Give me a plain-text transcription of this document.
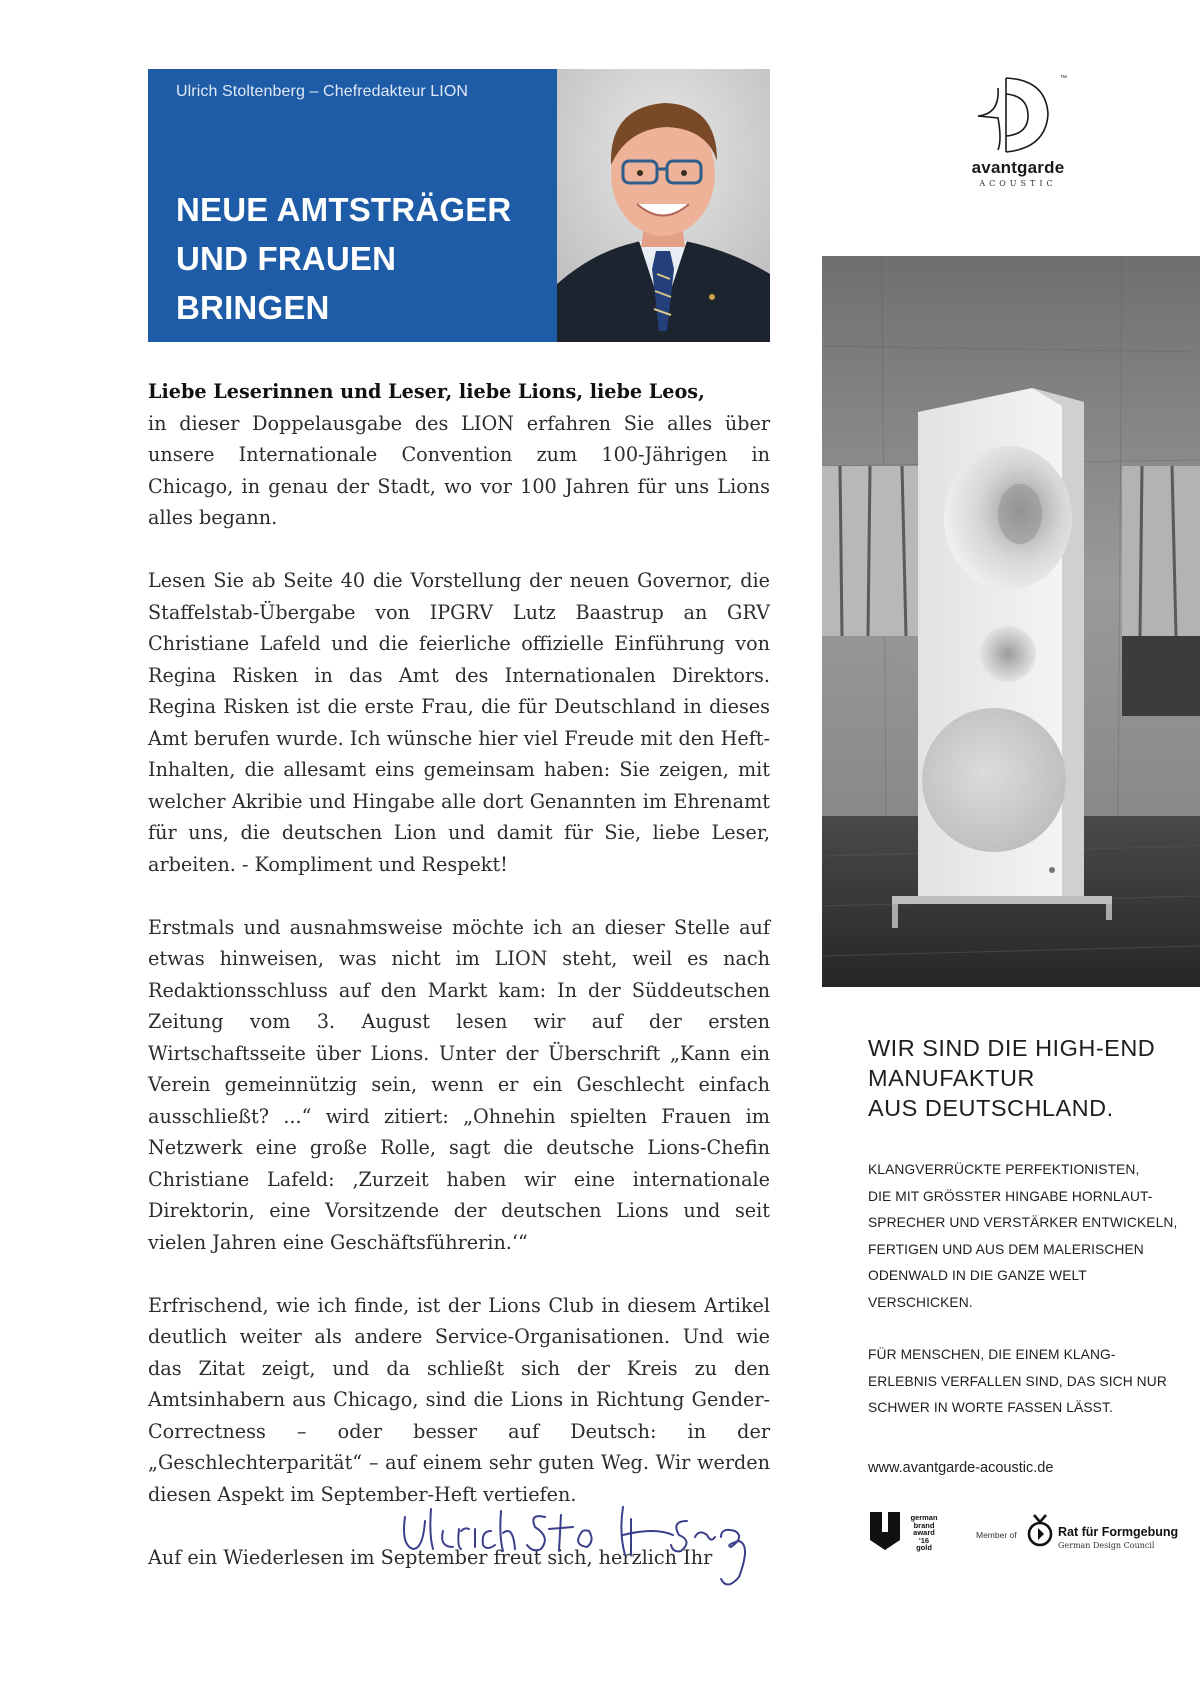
Ulrich Stoltenberg – Chefredakteur LION
NEUE AMTSTRÄGER
UND FRAUEN BRINGEN
LIONS IN SCHWUNG

Liebe Leserinnen und Leser, liebe Lions, liebe Leos,
in dieser Doppelausgabe des LION erfahren Sie alles über unsere Internationale Convention zum 100-Jährigen in Chicago, in genau der Stadt, wo vor 100 Jahren für uns Lions alles begann.

Lesen Sie ab Seite 40 die Vorstellung der neuen Governor, die Staffelstab-Übergabe von IPGRV Lutz Baastrup an GRV Christiane Lafeld und die feierliche offizielle Einführung von Regina Risken in das Amt des Internationalen Direktors. Regina Risken ist die erste Frau, die für Deutschland in dieses Amt berufen wurde. Ich wünsche hier viel Freude mit den Heft-Inhalten, die allesamt eins gemeinsam haben: Sie zeigen, mit welcher Akribie und Hingabe alle dort Genannten im Ehrenamt für uns, die deutschen Lion und damit für Sie, liebe Leser, arbeiten. - Kompliment und Respekt!

Erstmals und ausnahmsweise möchte ich an dieser Stelle auf etwas hinweisen, was nicht im LION steht, weil es nach Redaktionsschluss auf den Markt kam: In der Süddeutschen Zeitung vom 3. August lesen wir auf der ersten Wirtschaftsseite über Lions. Unter der Überschrift „Kann ein Verein gemeinnützig sein, wenn er ein Geschlecht einfach ausschließt? ...“ wird zitiert: „Ohnehin spielten Frauen im Netzwerk eine große Rolle, sagt die deutsche Lions-Chefin Christiane Lafeld: ‚Zurzeit haben wir eine internationale Direktorin, eine Vorsitzende der deutschen Lions und seit vielen Jahren eine Geschäftsführerin.‘“

Erfrischend, wie ich finde, ist der Lions Club in diesem Artikel deutlich weiter als andere Service-Organisationen. Und wie das Zitat zeigt, und da schließt sich der Kreis zu den Amtsinhabern aus Chicago, sind die Lions in Richtung Gender-Correctness – oder besser auf Deutsch: in der „Geschlechterparität“ – auf einem sehr guten Weg. Wir werden diesen Aspekt im September-Heft vertiefen.

Auf ein Wiederlesen im September freut sich, herzlich Ihr

™
avantgarde
ACOUSTIC
WIR SIND DIE HIGH-END
MANUFAKTUR
AUS DEUTSCHLAND.

KLANGVERRÜCKTE PERFEKTIONISTEN,
DIE MIT GRÖSSTER HINGABE HORNLAUT-
SPRECHER UND VERSTÄRKER ENTWICKELN,
FERTIGEN UND AUS DEM MALERISCHEN
ODENWALD IN DIE GANZE WELT
VERSCHICKEN.

FÜR MENSCHEN, DIE EINEM KLANG-
ERLEBNIS VERFALLEN SIND, DAS SICH NUR
SCHWER IN WORTE FASSEN LÄSST.

www.avantgarde-acoustic.de
german
brand
award
'16
gold
Member of	Rat für Formgebung
German Design Council
